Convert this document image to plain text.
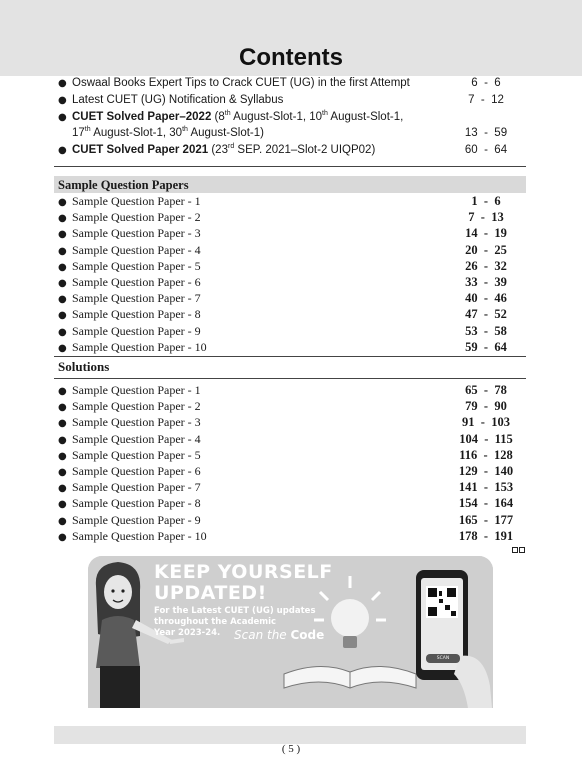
Contents
● Oswaal Books Expert Tips to Crack CUET (UG) in the first Attempt	6  -  6
● Latest CUET (UG) Notification & Syllabus	7  -  12
● CUET Solved Paper–2022 (8th August-Slot-1, 10th August-Slot-1,
17th August-Slot-1, 30th August-Slot-1)	13  -  59
● CUET Solved Paper 2021 (23rd SEP. 2021–Slot-2 UIQP02)	60  -  64
Sample Question Papers
● Sample Question Paper - 1	1  -  6
● Sample Question Paper - 2	7  -  13
● Sample Question Paper - 3	14  -  19
● Sample Question Paper - 4	20  -  25
● Sample Question Paper - 5	26  -  32
● Sample Question Paper - 6	33  -  39
● Sample Question Paper - 7	40  -  46
● Sample Question Paper - 8	47  -  52
● Sample Question Paper - 9	53  -  58
● Sample Question Paper - 10	59  -  64
Solutions
● Sample Question Paper - 1	65  -  78
● Sample Question Paper - 2	79  -  90
● Sample Question Paper - 3	91  -  103
● Sample Question Paper - 4	104  -  115
● Sample Question Paper - 5	116  -  128
● Sample Question Paper - 6	129  -  140
● Sample Question Paper - 7	141  -  153
● Sample Question Paper - 8	154  -  164
● Sample Question Paper - 9	165  -  177
● Sample Question Paper - 10	178  -  191
KEEP YOURSELF
UPDATED!
For the Latest CUET (UG) updates
throughout the Academic
Year 2023-24.	Scan the Code
SCAN
( 5 )
